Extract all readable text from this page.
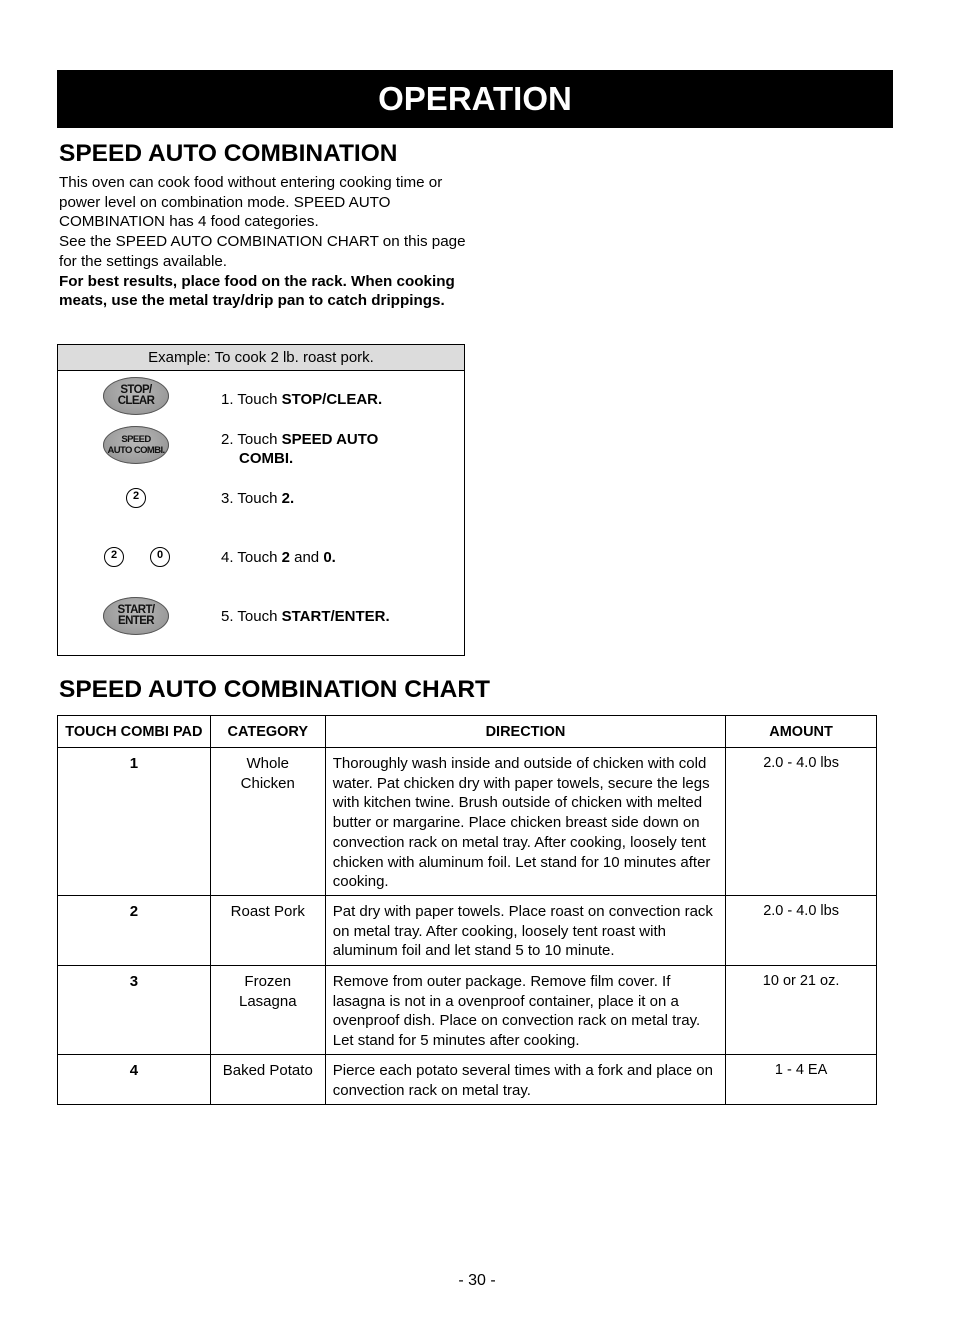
OPERATION
SPEED AUTO COMBINATION

This oven can cook food without entering cooking time or power level on combination mode. SPEED AUTO COMBINATION has 4 food categories.

See the SPEED AUTO COMBINATION CHART on this page for the settings available.

For best results, place food on the rack. When cooking meats, use the metal tray/drip pan to catch drippings.

Example: To cook 2 lb. roast pork.
STOP/
CLEAR	1. Touch STOP/CLEAR.
SPEED
AUTO COMBI.
2. Touch SPEED AUTO
COMBI.
2	3. Touch 2.
2	0	4. Touch 2 and 0.
START/
ENTER	5. Touch START/ENTER.
SPEED AUTO COMBINATION CHART
TOUCH COMBI PAD	CATEGORY	DIRECTION	AMOUNT
1	Whole Chicken	Thoroughly wash inside and outside of chicken with cold water. Pat chicken dry with paper towels, secure the legs with kitchen twine. Brush outside of chicken with melted butter or margarine. Place chicken breast side down on convection rack on metal tray. After cooking, loosely tent chicken with aluminum foil. Let stand for 10 minutes after cooking.	2.0 - 4.0 lbs
2	Roast Pork	Pat dry with paper towels. Place roast on convection rack on metal tray. After cooking, loosely tent roast with aluminum foil and let stand 5 to 10 minute.	2.0 - 4.0 lbs
3	Frozen Lasagna	Remove from outer package. Remove film cover. If lasagna is not in a ovenproof container, place it on a ovenproof dish. Place on convection rack on metal tray. Let stand for 5 minutes after cooking.	10 or 21 oz.
4	Baked Potato	Pierce each potato several times with a fork and place on convection rack on metal tray.	1 - 4 EA
- 30 -
